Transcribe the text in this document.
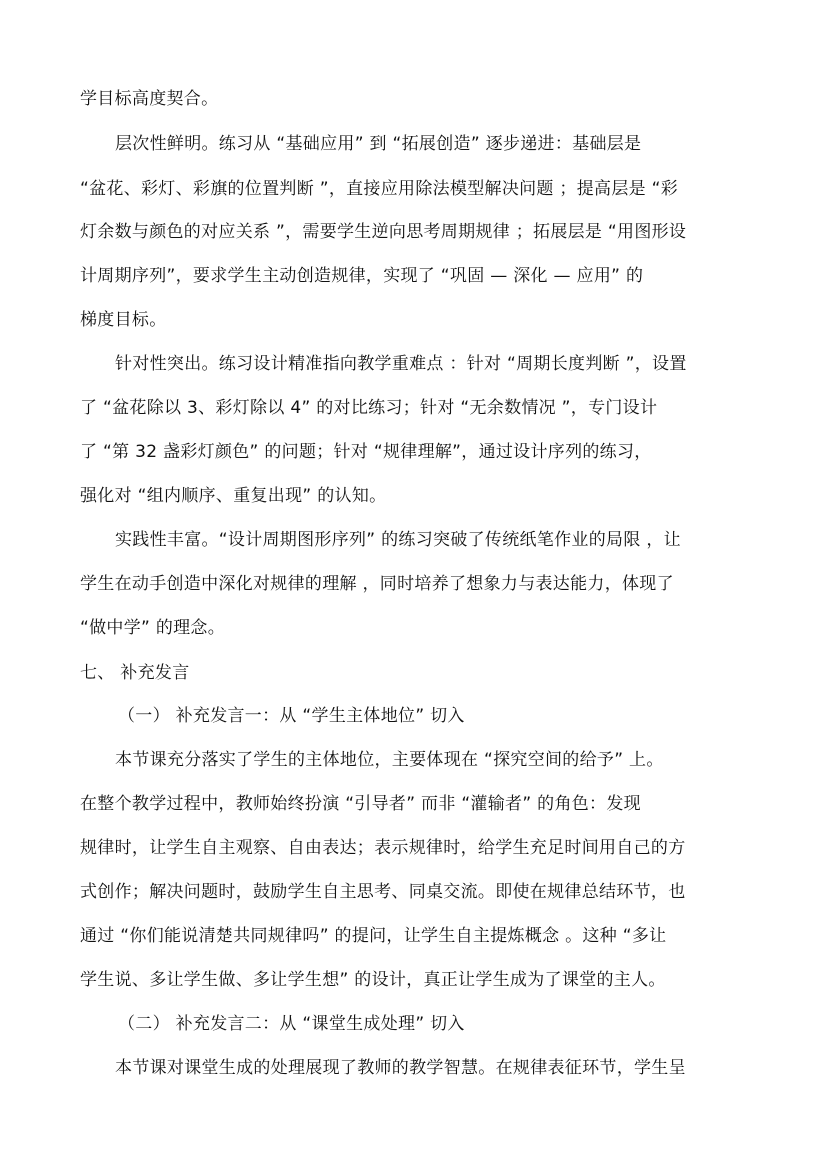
学目标高度契合。

层次性鲜明。练习从 “基础应用” 到 “拓展创造” 逐步递进：基础层是

“盆花、彩灯、彩旗的位置判断 ”，直接应用除法模型解决问题 ；提高层是 “彩

灯余数与颜色的对应关系 ”，需要学生逆向思考周期规律 ；拓展层是 “用图形设

计周期序列”，要求学生主动创造规律，实现了 “巩固 — 深化 — 应用” 的

梯度目标。

针对性突出。练习设计精准指向教学重难点 ：针对 “周期长度判断 ”，设置

了 “盆花除以 3、彩灯除以 4” 的对比练习；针对 “无余数情况 ”，专门设计

了 “第 32 盏彩灯颜色” 的问题；针对 “规律理解”，通过设计序列的练习，

强化对 “组内顺序、重复出现” 的认知。

实践性丰富。“设计周期图形序列” 的练习突破了传统纸笔作业的局限 ，让

学生在动手创造中深化对规律的理解 ，同时培养了想象力与表达能力，体现了

“做中学” 的理念。

七、 补充发言

（一） 补充发言一：从 “学生主体地位” 切入

本节课充分落实了学生的主体地位，主要体现在 “探究空间的给予” 上。

在整个教学过程中，教师始终扮演 “引导者” 而非 “灌输者” 的角色：发现

规律时，让学生自主观察、自由表达；表示规律时，给学生充足时间用自己的方

式创作；解决问题时，鼓励学生自主思考、同桌交流。即使在规律总结环节，也

通过 “你们能说清楚共同规律吗” 的提问，让学生自主提炼概念 。这种 “多让

学生说、多让学生做、多让学生想” 的设计，真正让学生成为了课堂的主人。

（二） 补充发言二：从 “课堂生成处理” 切入

本节课对课堂生成的处理展现了教师的教学智慧。在规律表征环节，学生呈
